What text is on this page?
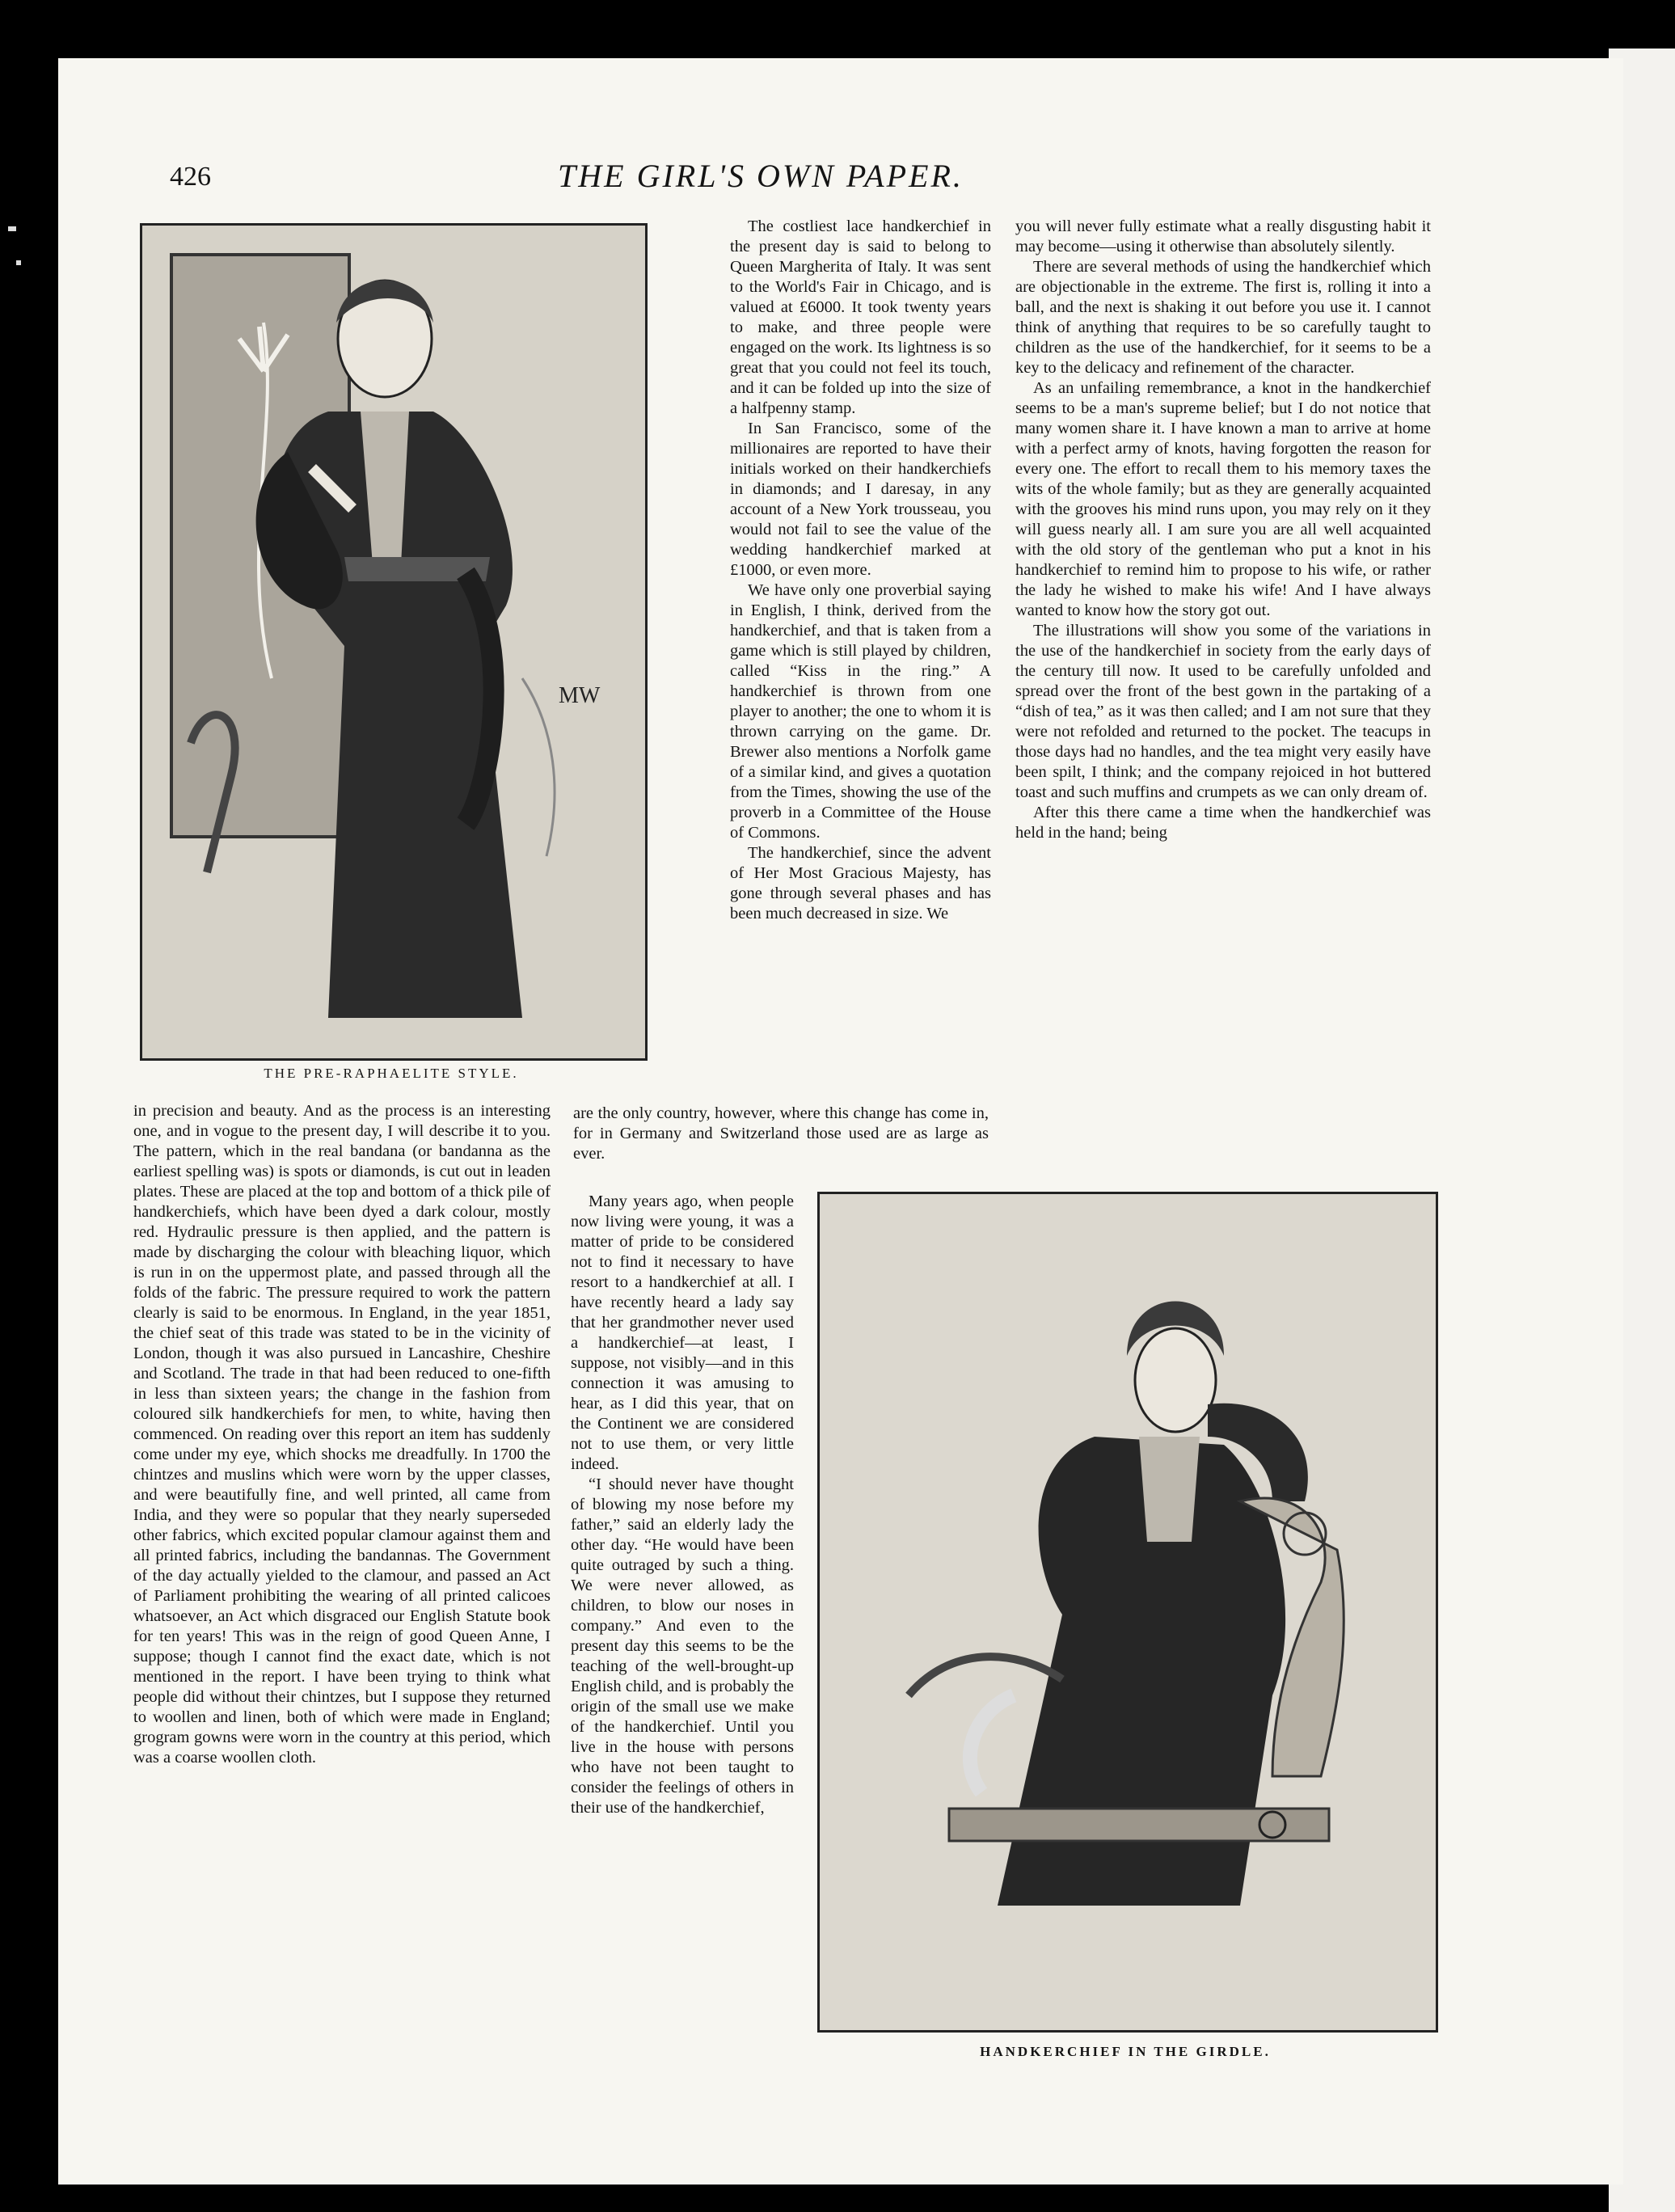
426	THE GIRL'S OWN PAPER.
MW
THE PRE-RAPHAELITE STYLE.
HANDKERCHIEF IN THE GIRDLE.

in precision and beauty. And as the process is an interesting one, and in vogue to the present day, I will describe it to you. The pattern, which in the real bandana (or bandanna as the earliest spelling was) is spots or diamonds, is cut out in leaden plates. These are placed at the top and bottom of a thick pile of handkerchiefs, which have been dyed a dark colour, mostly red. Hydraulic pressure is then applied, and the pattern is made by discharging the colour with bleaching liquor, which is run in on the uppermost plate, and passed through all the folds of the fabric. The pressure required to work the pattern clearly is said to be enormous. In England, in the year 1851, the chief seat of this trade was stated to be in the vicinity of London, though it was also pursued in Lancashire, Cheshire and Scotland. The trade in that had been reduced to one-fifth in less than sixteen years; the change in the fashion from coloured silk handkerchiefs for men, to white, having then commenced. On reading over this report an item has suddenly come under my eye, which shocks me dreadfully. In 1700 the chintzes and muslins which were worn by the upper classes, and were beautifully fine, and well printed, all came from India, and they were so popular that they nearly superseded other fabrics, which excited popular clamour against them and all printed fabrics, including the bandannas. The Government of the day actually yielded to the clamour, and passed an Act of Parliament prohibiting the wearing of all printed calicoes whatsoever, an Act which disgraced our English Statute book for ten years! This was in the reign of good Queen Anne, I suppose; though I cannot find the exact date, which is not mentioned in the report. I have been trying to think what people did without their chintzes, but I suppose they returned to woollen and linen, both of which were made in England; grogram gowns were worn in the country at this period, which was a coarse woollen cloth.

The costliest lace handkerchief in the present day is said to belong to Queen Margherita of Italy. It was sent to the World's Fair in Chicago, and is valued at £6000. It took twenty years to make, and three people were engaged on the work. Its lightness is so great that you could not feel its touch, and it can be folded up into the size of a halfpenny stamp.

In San Francisco, some of the millionaires are reported to have their initials worked on their handkerchiefs in diamonds; and I daresay, in any account of a New York trousseau, you would not fail to see the value of the wedding handkerchief marked at £1000, or even more.

We have only one proverbial saying in English, I think, derived from the handkerchief, and that is taken from a game which is still played by children, called “Kiss in the ring.” A handkerchief is thrown from one player to another; the one to whom it is thrown carrying on the game. Dr. Brewer also mentions a Norfolk game of a similar kind, and gives a quotation from the Times, showing the use of the proverb in a Committee of the House of Commons.

The handkerchief, since the advent of Her Most Gracious Majesty, has gone through several phases and has been much decreased in size. We

are the only country, however, where this change has come in, for in Germany and Switzerland those used are as large as ever.

Many years ago, when people now living were young, it was a matter of pride to be considered not to find it necessary to have resort to a handkerchief at all. I have recently heard a lady say that her grandmother never used a handkerchief—at least, I suppose, not visibly—and in this connection it was amusing to hear, as I did this year, that on the Continent we are considered not to use them, or very little indeed.

“I should never have thought of blowing my nose before my father,” said an elderly lady the other day. “He would have been quite outraged by such a thing. We were never allowed, as children, to blow our noses in company.” And even to the present day this seems to be the teaching of the well-brought-up English child, and is probably the origin of the small use we make of the handkerchief. Until you live in the house with persons who have not been taught to consider the feelings of others in their use of the handkerchief,

you will never fully estimate what a really disgusting habit it may become—using it otherwise than absolutely silently.

There are several methods of using the handkerchief which are objectionable in the extreme. The first is, rolling it into a ball, and the next is shaking it out before you use it. I cannot think of anything that requires to be so carefully taught to children as the use of the handkerchief, for it seems to be a key to the delicacy and refinement of the character.

As an unfailing remembrance, a knot in the handkerchief seems to be a man's supreme belief; but I do not notice that many women share it. I have known a man to arrive at home with a perfect army of knots, having forgotten the reason for every one. The effort to recall them to his memory taxes the wits of the whole family; but as they are generally acquainted with the grooves his mind runs upon, you may rely on it they will guess nearly all. I am sure you are all well acquainted with the old story of the gentleman who put a knot in his handkerchief to remind him to propose to his wife, or rather the lady he wished to make his wife! And I have always wanted to know how the story got out.

The illustrations will show you some of the variations in the use of the handkerchief in society from the early days of the century till now. It used to be carefully unfolded and spread over the front of the best gown in the partaking of a “dish of tea,” as it was then called; and I am not sure that they were not refolded and returned to the pocket. The teacups in those days had no handles, and the tea might very easily have been spilt, I think; and the company rejoiced in hot buttered toast and such muffins and crumpets as we can only dream of.

After this there came a time when the handkerchief was held in the hand; being
